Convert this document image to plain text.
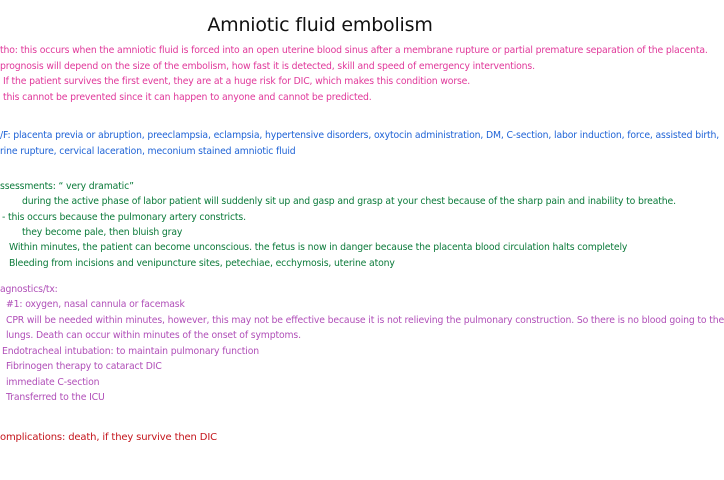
Amniotic fluid embolism
tho: this occurs when the amniotic fluid is forced into an open uterine blood sinus after a membrane rupture or partial premature separation of the placenta.
prognosis will depend on the size of the embolism, how fast it is detected, skill and speed of emergency interventions.
If the patient survives the first event, they are at a huge risk for DIC, which makes this condition worse.
this cannot be prevented since it can happen to anyone and cannot be predicted.
/F: placenta previa or abruption, preeclampsia, eclampsia, hypertensive disorders, oxytocin administration, DM, C-section, labor induction, force, assisted birth,
rine rupture, cervical laceration, meconium stained amniotic fluid
ssessments: “ very dramatic”
during the active phase of labor patient will suddenly sit up and gasp and grasp at your chest because of the sharp pain and inability to breathe.
- this occurs because the pulmonary artery constricts.
they become pale, then bluish gray
Within minutes, the patient can become unconscious. the fetus is now in danger because the placenta blood circulation halts completely
Bleeding from incisions and venipuncture sites, petechiae, ecchymosis, uterine atony
agnostics/tx:
#1: oxygen, nasal cannula or facemask
CPR will be needed within minutes, however, this may not be effective because it is not relieving the pulmonary construction. So there is no blood going to the
lungs. Death can occur within minutes of the onset of symptoms.
Endotracheal intubation: to maintain pulmonary function
Fibrinogen therapy to cataract DIC
immediate C-section
Transferred to the ICU
omplications: death, if they survive then DIC
